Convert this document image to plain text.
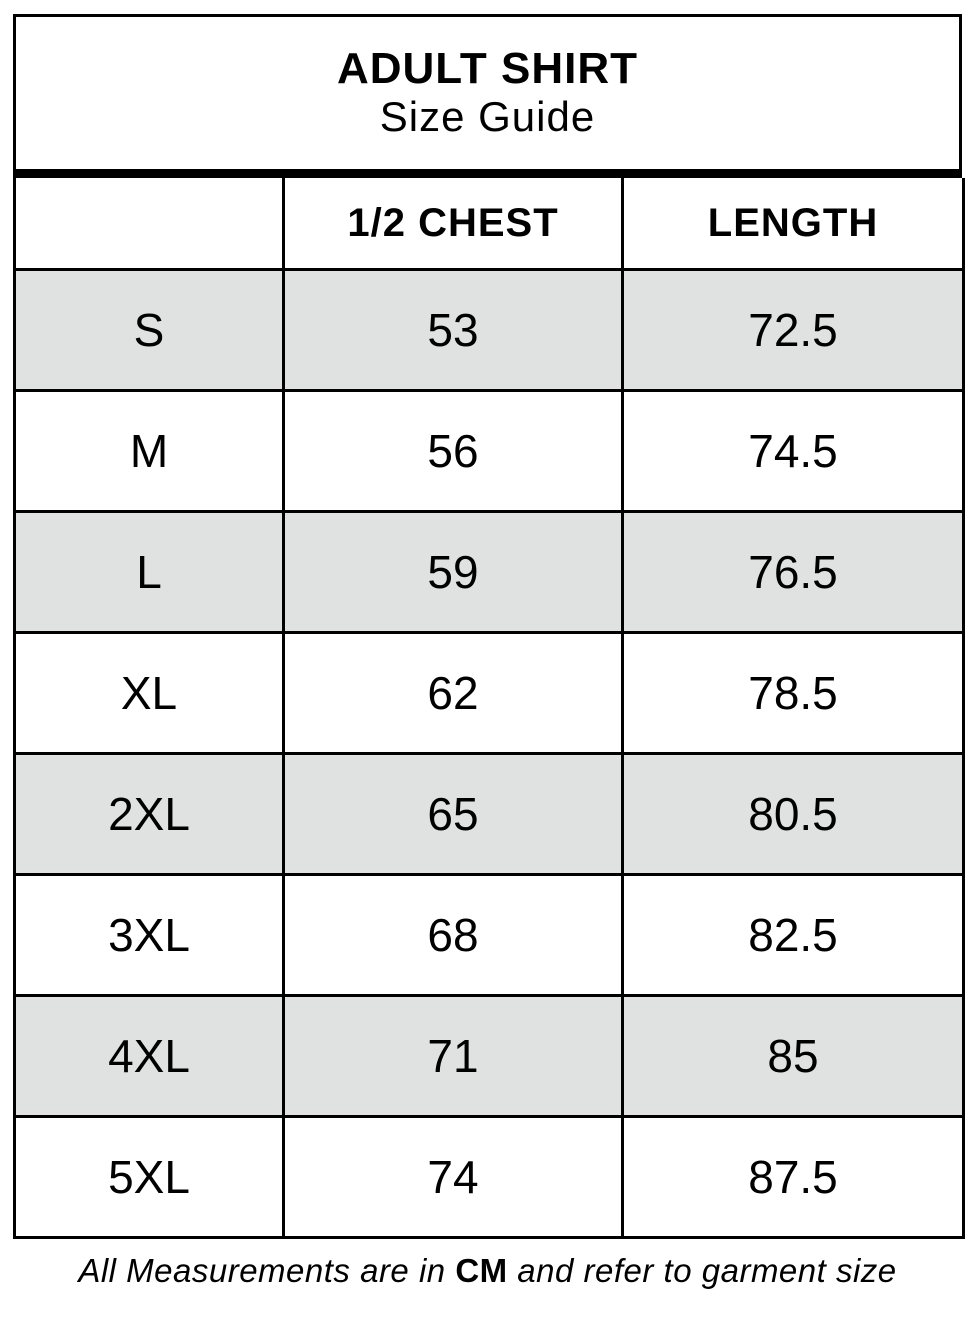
ADULT SHIRT
Size Guide
	1/2 CHEST	LENGTH
S	53	72.5
M	56	74.5
L	59	76.5
XL	62	78.5
2XL	65	80.5
3XL	68	82.5
4XL	71	85
5XL	74	87.5
All Measurements are in CM and refer to garment size
